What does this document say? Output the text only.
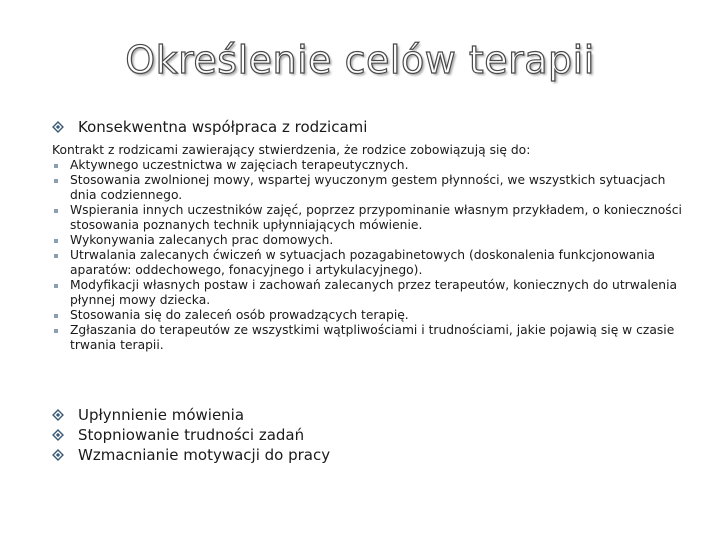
Określenie celów terapii
Konsekwentna współpraca z rodzicami
Kontrakt z rodzicami zawierający stwierdzenia, że rodzice zobowiązują się do:
Aktywnego uczestnictwa w zajęciach terapeutycznych.
Stosowania zwolnionej mowy, wspartej wyuczonym gestem płynności, we wszystkich sytuacjach dnia codziennego.
Wspierania innych uczestników zajęć, poprzez przypominanie własnym przykładem, o konieczności stosowania poznanych technik upłynniających mówienie.
Wykonywania zalecanych prac domowych.
Utrwalania zalecanych ćwiczeń w sytuacjach pozagabinetowych (doskonalenia funkcjonowania aparatów: oddechowego, fonacyjnego i artykulacyjnego).
Modyfikacji własnych postaw i zachowań zalecanych przez terapeutów, koniecznych do utrwalenia płynnej mowy dziecka.
Stosowania się do zaleceń osób prowadzących terapię.
Zgłaszania do terapeutów ze wszystkimi wątpliwościami i trudnościami, jakie pojawią się w czasie trwania terapii.
Upłynnienie mówienia
Stopniowanie trudności zadań
Wzmacnianie motywacji do pracy
